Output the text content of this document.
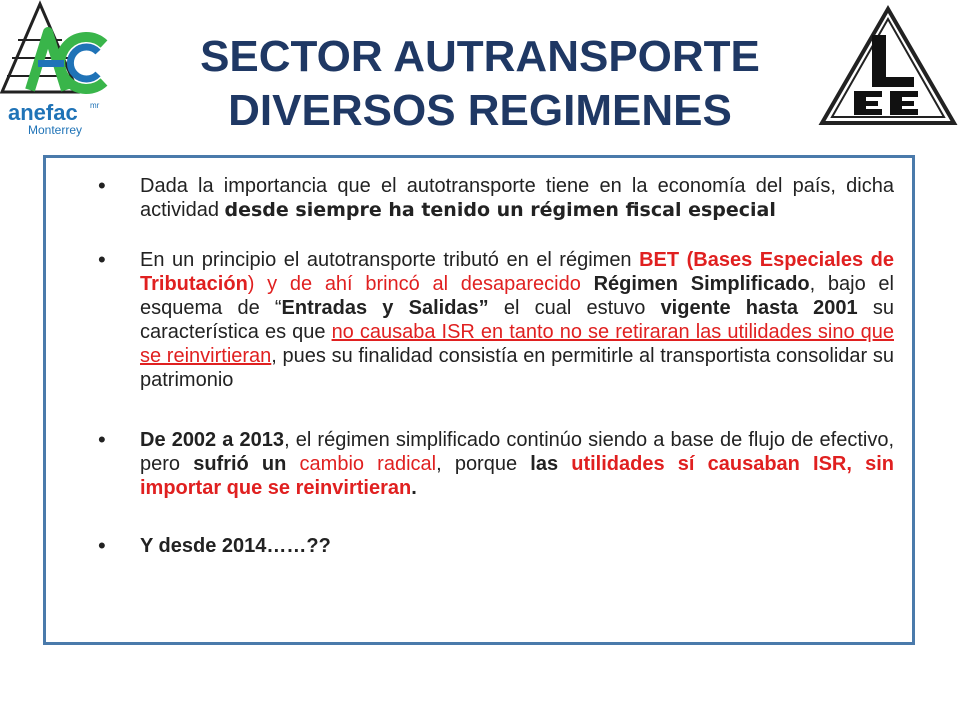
anefac mr
Monterrey
SECTOR AUTRANSPORTE
DIVERSOS REGIMENES
• Dada la importancia que el autotransporte tiene en la economía del país, dicha actividad desde siempre ha tenido un régimen fiscal especial
• En un principio el autotransporte tributó en el régimen BET (Bases Especiales de Tributación) y de ahí brincó al desaparecido Régimen Simplificado, bajo el esquema de “Entradas y Salidas” el cual estuvo vigente hasta 2001 su característica es que no causaba ISR en tanto no se retiraran las utilidades sino que se reinvirtieran, pues su finalidad consistía en permitirle al transportista consolidar su patrimonio
• De 2002 a 2013, el régimen simplificado continúo siendo a base de flujo de efectivo, pero sufrió un cambio radical, porque las utilidades sí causaban ISR, sin importar que se reinvirtieran.
• Y desde 2014……??
